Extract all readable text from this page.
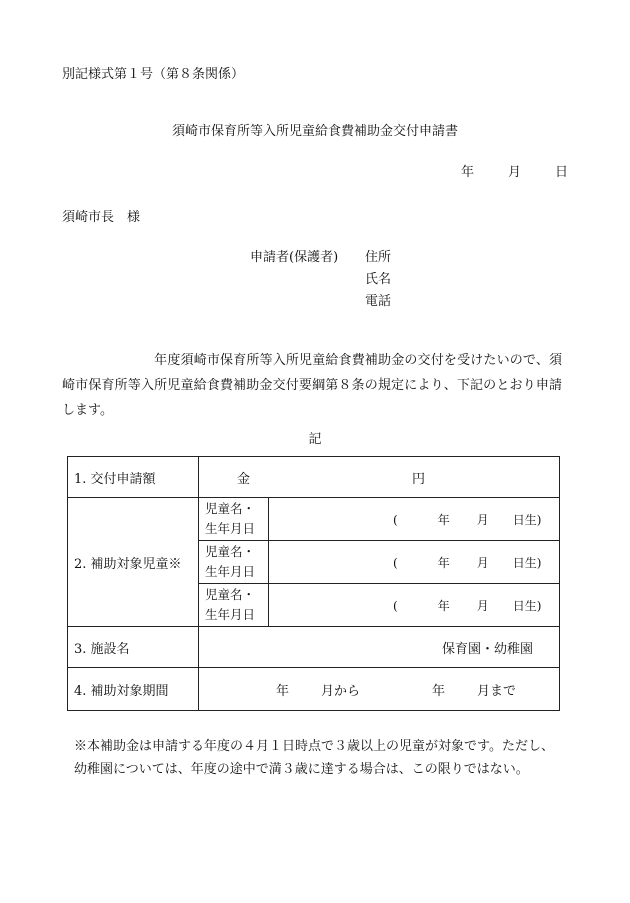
別記様式第１号（第８条関係）
須崎市保育所等入所児童給食費補助金交付申請書
年	月	日
須崎市長　様
申請者(保護者) 住所
氏名
電話
　　　　　　　年度須崎市保育所等入所児童給食費補助金の交付を受けたいので、須崎市保育所等入所児童給食費補助金交付要綱第８条の規定により、下記のとおり申請します。
記
1. 交付申請額	金 円	
2. 補助対象児童※	児童名・
生年月日	( 年 月 日生)
	児童名・
生年月日	( 年 月 日生)
	児童名・
生年月日	( 年 月 日生)
3. 施設名	保育園・幼稚園	
4. 補助対象期間	年 月から 年 月まで	
※本補助金は申請する年度の４月１日時点で３歳以上の児童が対象です。ただし、幼稚園については、年度の途中で満３歳に達する場合は、この限りではない。
